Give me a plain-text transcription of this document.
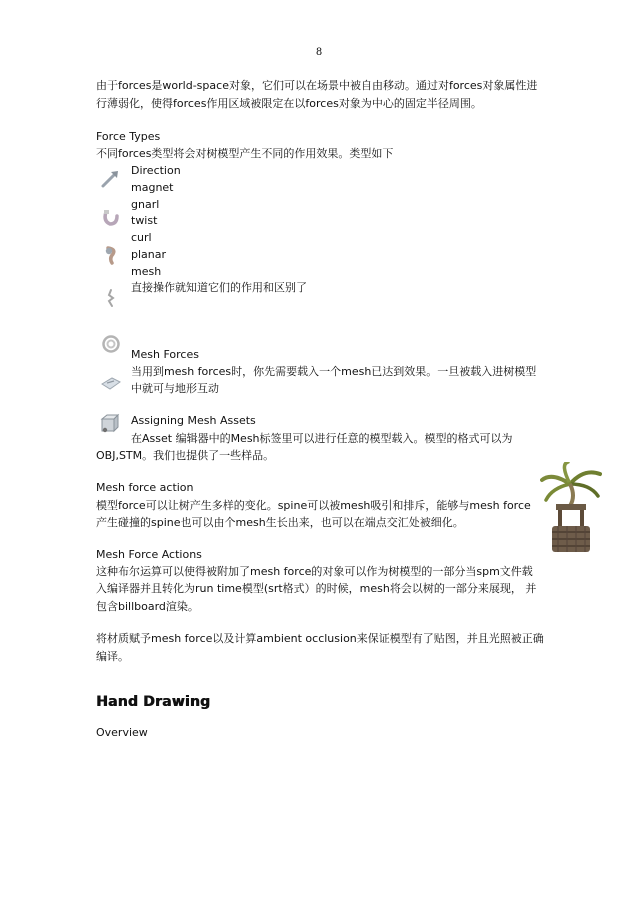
8
由于forces是world-space对象，它们可以在场景中被自由移动。通过对forces对象属性进
行薄弱化，使得forces作用区域被限定在以forces对象为中心的固定半径周围。
Force Types
不同forces类型将会对树模型产生不同的作用效果。类型如下
Direction
magnet
gnarl
twist
curl
planar
mesh
直接操作就知道它们的作用和区别了
Mesh Forces
当用到mesh forces时，你先需要载入一个mesh已达到效果。一旦被载入进树模型
中就可与地形互动
Assigning Mesh Assets
在Asset 编辑器中的Mesh标签里可以进行任意的模型载入。模型的格式可以为
OBJ,STM。我们也提供了一些样品。
Mesh force action
模型force可以让树产生多样的变化。spine可以被mesh吸引和排斥，能够与mesh force
产生碰撞的spine也可以由个mesh生长出来，也可以在端点交汇处被细化。
Mesh Force Actions
这种布尔运算可以使得被附加了mesh force的对象可以作为树模型的一部分当spm文件载
入编译器并且转化为run time模型(srt格式）的时候，mesh将会以树的一部分来展现， 并
包含billboard渲染。
将材质赋予mesh force以及计算ambient occlusion来保证模型有了贴图，并且光照被正确
编译。
Hand Drawing
Overview
